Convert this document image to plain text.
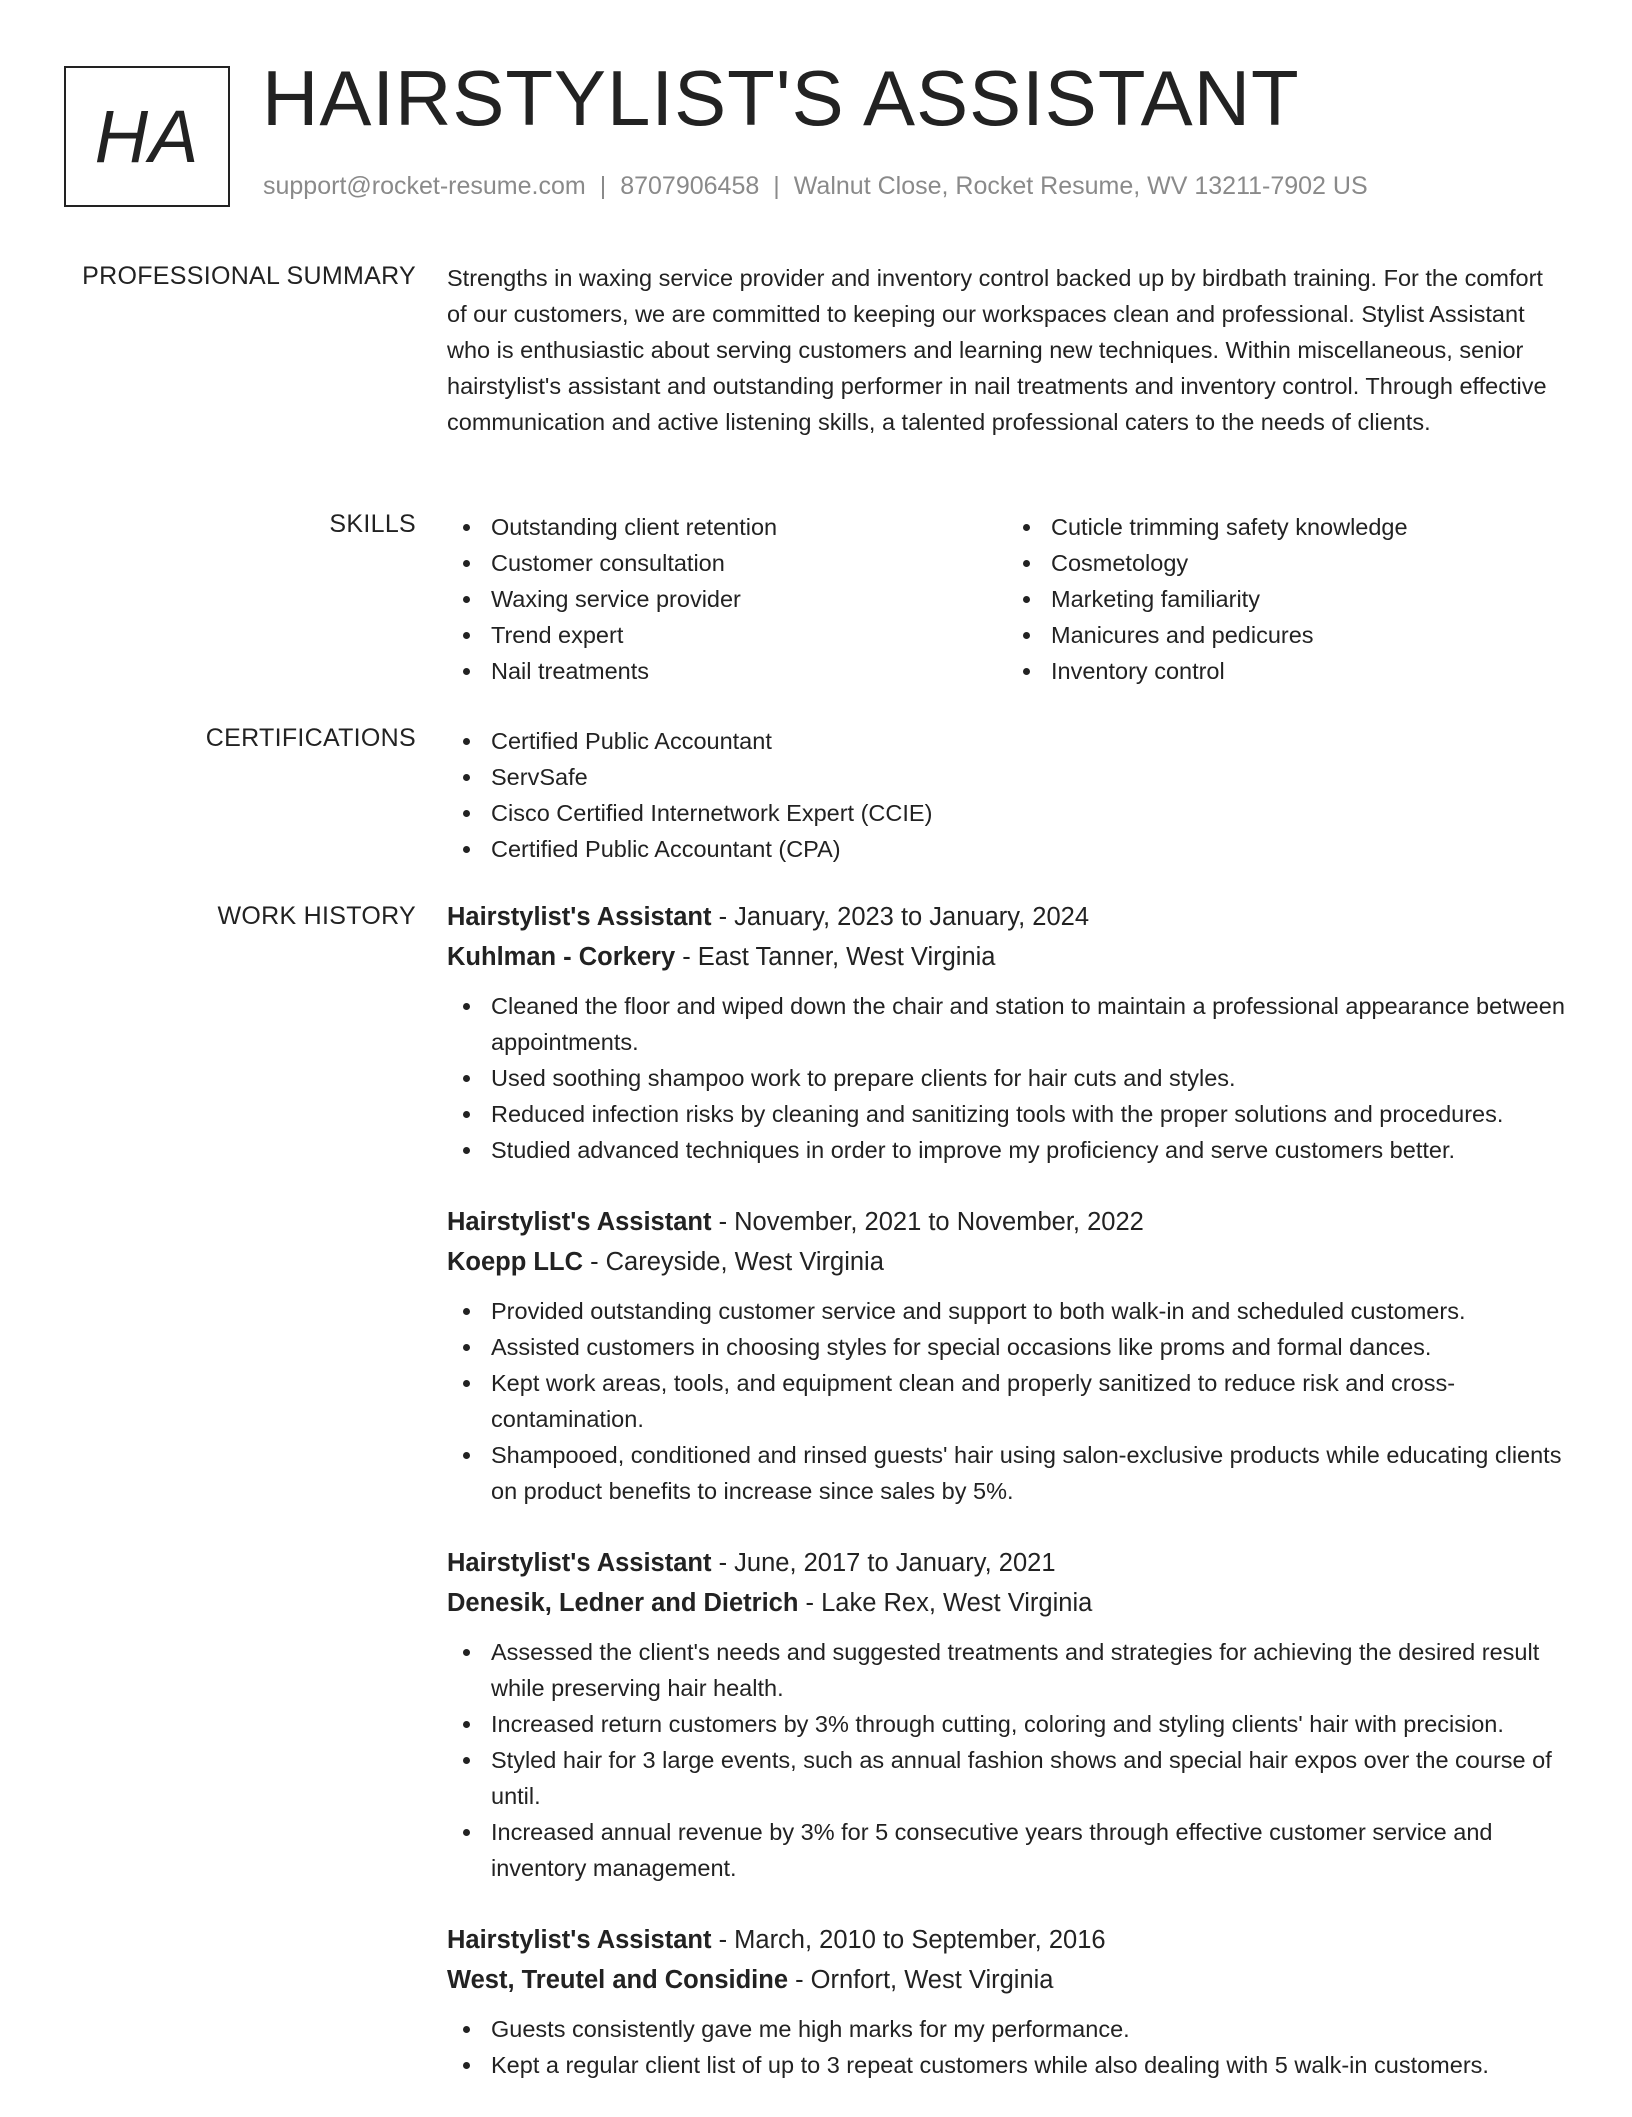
HA HAIRSTYLIST'S ASSISTANT
support@rocket-resume.com | 8707906458 | Walnut Close, Rocket Resume, WV 13211-7902 US
PROFESSIONAL SUMMARY Strengths in waxing service provider and inventory control backed up by birdbath training. For the comfort of our customers, we are committed to keeping our workspaces clean and professional. Stylist Assistant who is enthusiastic about serving customers and learning new techniques. Within miscellaneous, senior hairstylist's assistant and outstanding performer in nail treatments and inventory control. Through effective communication and active listening skills, a talented professional caters to the needs of clients.

SKILLS	Outstanding client retention
Customer consultation
Waxing service provider
Trend expert
Nail treatments
Cuticle trimming safety knowledge
Cosmetology
Marketing familiarity
Manicures and pedicures
Inventory control
CERTIFICATIONS	Certified Public Accountant
ServSafe
Cisco Certified Internetwork Expert (CCIE)
Certified Public Accountant (CPA)
WORK HISTORY Hairstylist's Assistant - January, 2023 to January, 2024
Kuhlman - Corkery - East Tanner, West Virginia
Cleaned the floor and wiped down the chair and station to maintain a professional appearance between appointments.
Used soothing shampoo work to prepare clients for hair cuts and styles.
Reduced infection risks by cleaning and sanitizing tools with the proper solutions and procedures.
Studied advanced techniques in order to improve my proficiency and serve customers better.
Hairstylist's Assistant - November, 2021 to November, 2022
Koepp LLC - Careyside, West Virginia
Provided outstanding customer service and support to both walk-in and scheduled customers.
Assisted customers in choosing styles for special occasions like proms and formal dances.
Kept work areas, tools, and equipment clean and properly sanitized to reduce risk and cross-contamination.
Shampooed, conditioned and rinsed guests' hair using salon-exclusive products while educating clients on product benefits to increase since sales by 5%.
Hairstylist's Assistant - June, 2017 to January, 2021
Denesik, Ledner and Dietrich - Lake Rex, West Virginia
Assessed the client's needs and suggested treatments and strategies for achieving the desired result while preserving hair health.
Increased return customers by 3% through cutting, coloring and styling clients' hair with precision.
Styled hair for 3 large events, such as annual fashion shows and special hair expos over the course of until.
Increased annual revenue by 3% for 5 consecutive years through effective customer service and inventory management.
Hairstylist's Assistant - March, 2010 to September, 2016
West, Treutel and Considine - Ornfort, West Virginia
Guests consistently gave me high marks for my performance.
Kept a regular client list of up to 3 repeat customers while also dealing with 5 walk-in customers.
